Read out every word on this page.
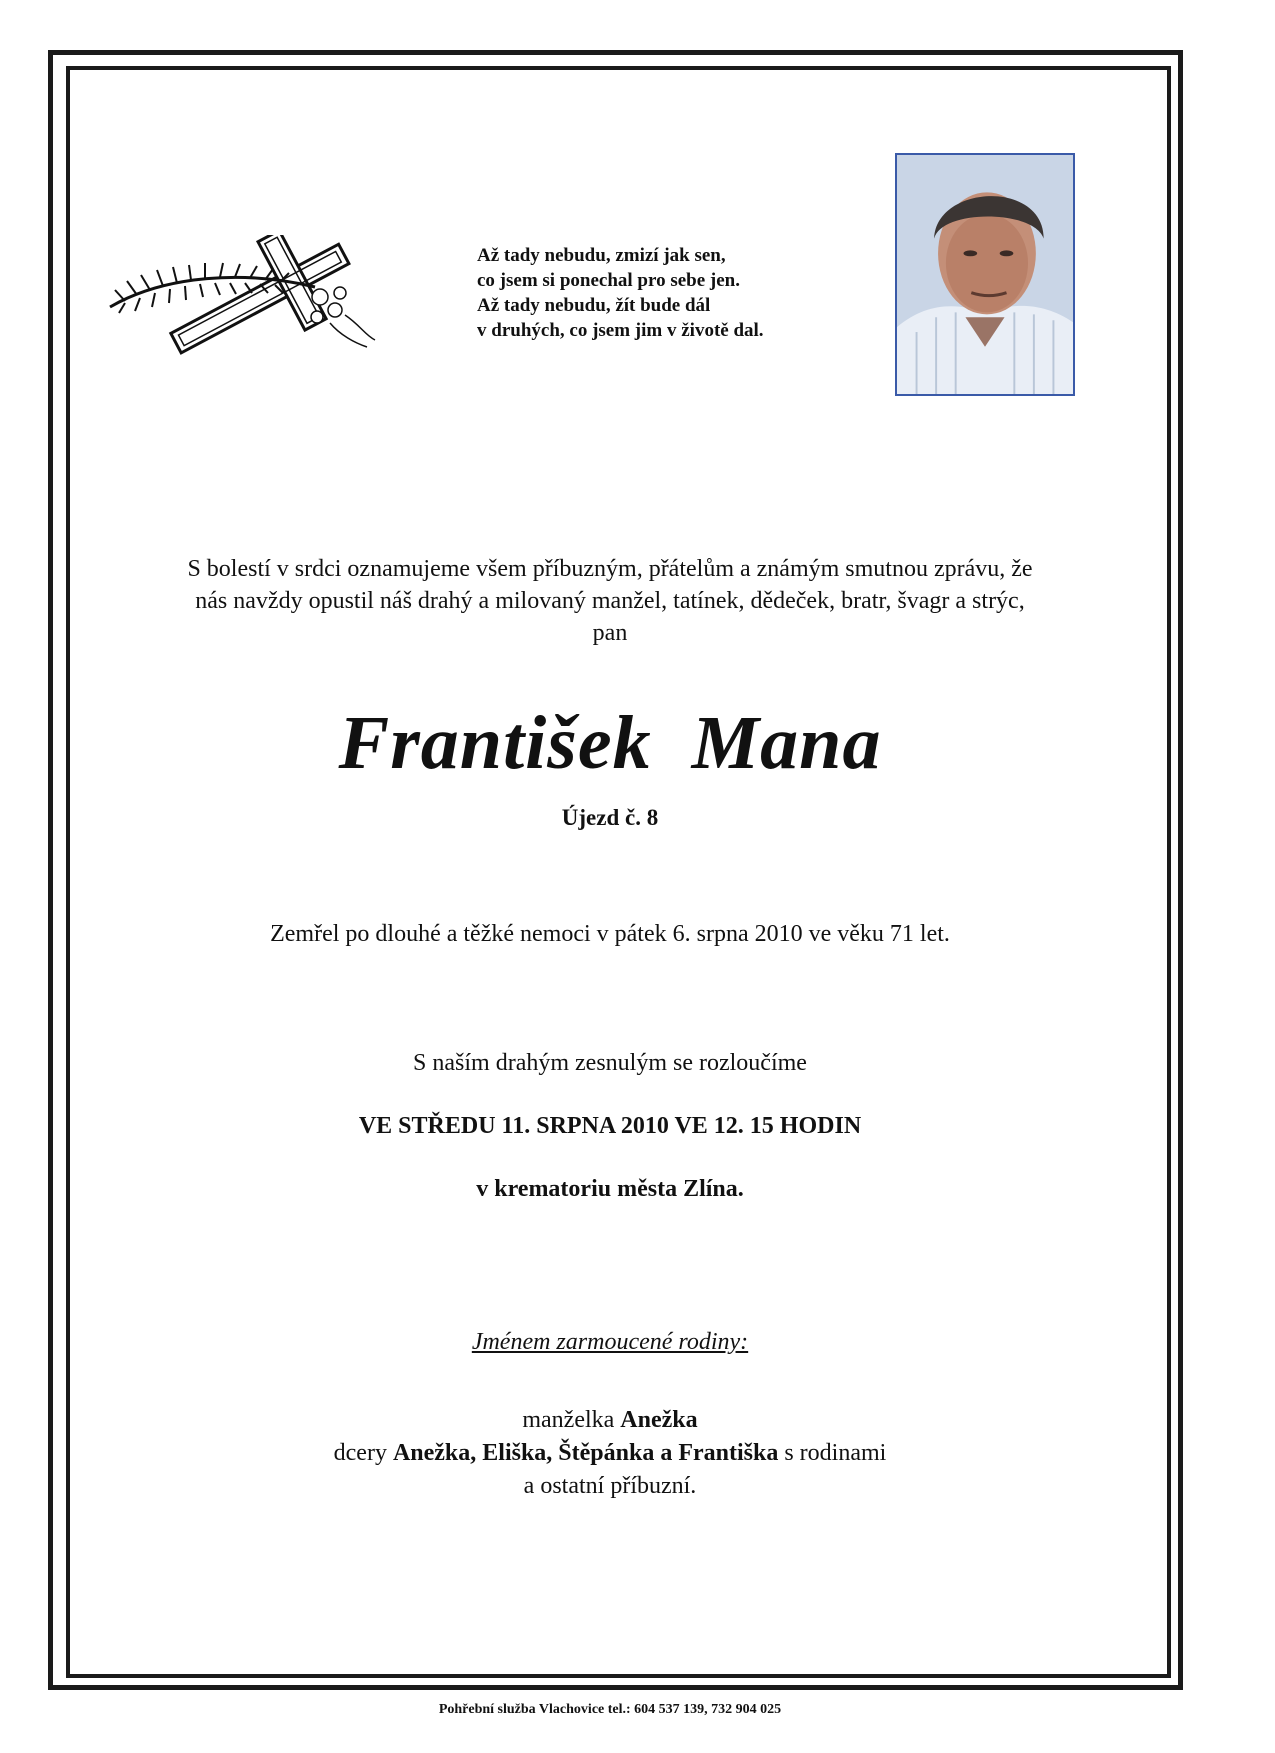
Až tady nebudu, zmizí jak sen,
co jsem si ponechal pro sebe jen.
Až tady nebudu, žít bude dál
v druhých, co jsem jim v životě dal.
S bolestí v srdci oznamujeme všem příbuzným, přátelům a známým smutnou zprávu, že
nás navždy opustil náš drahý a milovaný manžel, tatínek, dědeček, bratr, švagr a strýc,
pan
František  Mana
Újezd č. 8
Zemřel po dlouhé a těžké nemoci v pátek 6. srpna 2010 ve věku 71 let.
S naším drahým zesnulým se rozloučíme
VE STŘEDU 11. SRPNA 2010 VE 12. 15 HODIN
v krematoriu města Zlína.
Jménem zarmoucené rodiny:
manželka Anežka
dcery Anežka, Eliška, Štěpánka a Františka s rodinami
a ostatní příbuzní.
Pohřební služba Vlachovice tel.: 604 537 139, 732 904 025
